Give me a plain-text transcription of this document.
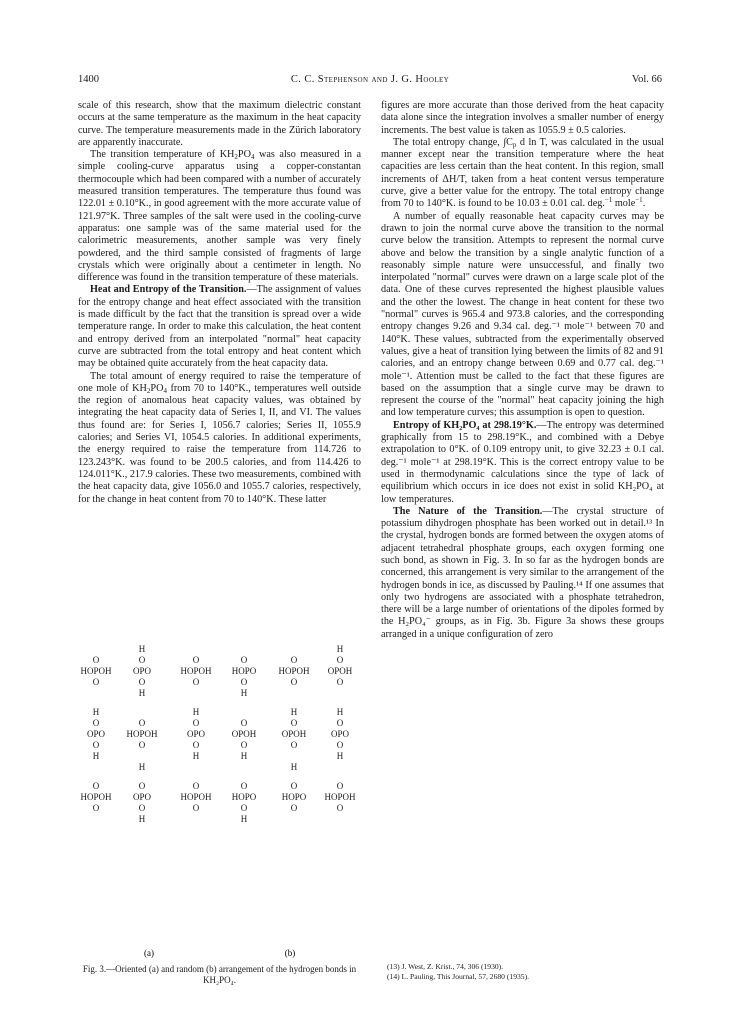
1400	C. C. Stephenson and J. G. Hooley	Vol. 66

scale of this research, show that the maximum dielectric constant occurs at the same temperature as the maximum in the heat capacity curve. The temperature measurements made in the Zürich laboratory are apparently inaccurate.

The transition temperature of $KH_2PO_4$ was also measured in a simple cooling-curve apparatus using a copper-constantan thermocouple which had been compared with a number of accurately measured transition temperatures. The temperature thus found was 122.01 ± 0.10°K., in good agreement with the more accurate value of 121.97°K. Three samples of the salt were used in the cooling-curve apparatus: one sample was of the same material used for the calorimetric measurements, another sample was very finely powdered, and the third sample consisted of fragments of large crystals which were originally about a centimeter in length. No difference was found in the transition temperature of these materials.

Heat and Entropy of the Transition.—The assignment of values for the entropy change and heat effect associated with the transition is made difficult by the fact that the transition is spread over a wide temperature range. In order to make this calculation, the heat content and entropy derived from an interpolated "normal" heat capacity curve are subtracted from the total entropy and heat content which may be obtained quite accurately from the heat capacity data.

The total amount of energy required to raise the temperature of one mole of $KH_2PO_4$ from 70 to 140°K., temperatures well outside the region of anomalous heat capacity values, was obtained by integrating the heat capacity data of Series I, II, and VI. The values thus found are: for Series I, 1056.7 calories; Series II, 1055.9 calories; and Series VI, 1054.5 calories. In additional experiments, the energy required to raise the temperature from 114.726 to 123.243°K. was found to be 200.5 calories, and from 114.426 to 124.011°K., 217.9 calories. These two measurements, combined with the heat capacity data, give 1056.0 and 1055.7 calories, respectively, for the change in heat content from 70 to 140°K. These latter

H	H
O	O	O	O	O	O
HOPOH OPO	HOPOH HOPO HOPOH OPOH
O	O	O	O	O	O
H	H
H	H	H	H
O	O	O	O	O	O
OPO HOPOH	OPO	OPOH	OPOH	OPO
O	O	O	O	O	O
H	H	H	H
H	H
O	O	O	O	O	O
HOPOH OPO	HOPOH HOPO	HOPO HOPOH
O	O	O	O	O	O
H	H
(a)	(b)
Fig. 3.—Oriented (a) and random (b) arrangement of the hydrogen bonds in KH₂PO₄.

figures are more accurate than those derived from the heat capacity data alone since the integration involves a smaller number of energy increments. The best value is taken as 1055.9 ± 0.5 calories.

The total entropy change, $\int C_p$ d ln T, was calculated in the usual manner except near the transition temperature where the heat capacities are less certain than the heat content. In this region, small increments of ΔH/T, taken from a heat content versus temperature curve, give a better value for the entropy. The total entropy change from 70 to 140°K. is found to be 10.03 ± 0.01 cal. deg.$^{-1}$ mole$^{-1}$.

A number of equally reasonable heat capacity curves may be drawn to join the normal curve above the transition to the normal curve below the transition. Attempts to represent the normal curve above and below the transition by a single analytic function of a reasonably simple nature were unsuccessful, and finally two interpolated "normal" curves were drawn on a large scale plot of the data. One of these curves represented the highest plausible values and the other the lowest. The change in heat content for these two "normal" curves is 965.4 and 973.8 calories, and the corresponding entropy changes 9.26 and 9.34 cal. deg.⁻¹ mole⁻¹ between 70 and 140°K. These values, subtracted from the experimentally observed values, give a heat of transition lying between the limits of 82 and 91 calories, and an entropy change between 0.69 and 0.77 cal. deg.⁻¹ mole⁻¹. Attention must be called to the fact that these figures are based on the assumption that a single curve may be drawn to represent the course of the "normal" heat capacity joining the high and low temperature curves; this assumption is open to question.

Entropy of KH₂PO₄ at 298.19°K.—The entropy was determined graphically from 15 to 298.19°K., and combined with a Debye extrapolation to 0°K. of 0.109 entropy unit, to give 32.23 ± 0.1 cal. deg.⁻¹ mole⁻¹ at 298.19°K. This is the correct entropy value to be used in thermodynamic calculations since the type of lack of equilibrium which occurs in ice does not exist in solid KH₂PO₄ at low temperatures.

The Nature of the Transition.—The crystal structure of potassium dihydrogen phosphate has been worked out in detail.¹³ In the crystal, hydrogen bonds are formed between the oxygen atoms of adjacent tetrahedral phosphate groups, each oxygen forming one such bond, as shown in Fig. 3. In so far as the hydrogen bonds are concerned, this arrangement is very similar to the arrangement of the hydrogen bonds in ice, as discussed by Pauling.¹⁴ If one assumes that only two hydrogens are associated with a phosphate tetrahedron, there will be a large number of orientations of the dipoles formed by the H₂PO₄⁻ groups, as in Fig. 3b. Figure 3a shows these groups arranged in a unique configuration of zero

(13) J. West, Z. Krist., 74, 306 (1930).
(14) L. Pauling, This Journal, 57, 2680 (1935).
